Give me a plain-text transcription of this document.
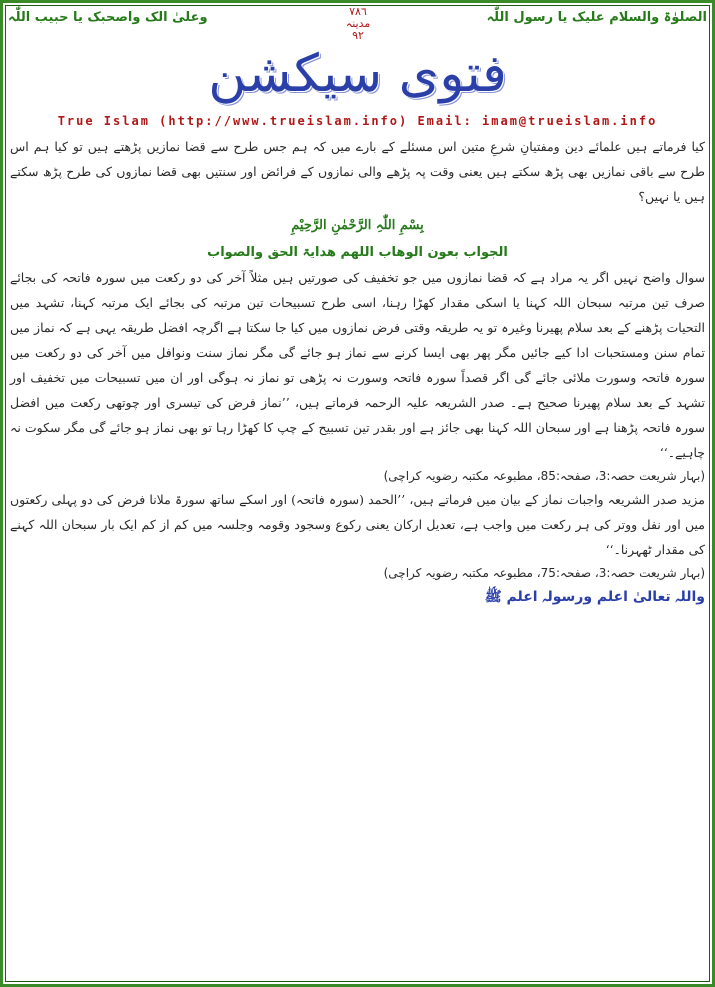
الصلوٰۃ والسلام علیک یا رسول اللّٰہ
۷۸٦
مدینہ
۹۲
وعلیٰ الک واصحبک یا حبیب اللّٰہ
فتوی سیکشن
True Islam (http://www.trueislam.info) Email: imam@trueislam.info

کیا فرماتے ہیں علمائے دین ومفتیانِ شرعِ متین اس مسئلے کے بارے میں کہ ہم جس طرح سے قضا نمازیں پڑھتے ہیں تو کیا ہم اس طرح سے باقی نمازیں بھی پڑھ سکتے ہیں یعنی وقت پہ پڑھے والی نمازوں کے فرائض اور سنتیں بھی قضا نمازوں کی طرح پڑھ سکتے ہیں یا نہیں؟

بِسْمِ اللّٰہِ الرَّحْمٰنِ الرَّحِیْمِ

الجواب بعون الوھاب اللھم ھدایۃ الحق والصواب

سوال واضح نہیں اگر یہ مراد ہے کہ قضا نمازوں میں جو تخفیف کی صورتیں ہیں مثلاً آخر کی دو رکعت میں سورہ فاتحہ کی بجائے صرف تین مرتبہ سبحان اللہ کہنا یا اسکی مقدار کھڑا رہنا، اسی طرح تسبیحات تین مرتبہ کی بجائے ایک مرتبہ کہنا، تشہد میں التحیات پڑھنے کے بعد سلام پھیرنا وغیرہ تو یہ طریقہ وقتی فرض نمازوں میں کیا جا سکتا ہے اگرچہ افضل طریقہ یہی ہے کہ نماز میں تمام سنن ومستحبات ادا کیے جائیں مگر پھر بھی ایسا کرنے سے نماز ہو جائے گی مگر نماز سنت ونوافل میں آخر کی دو رکعت میں سورہ فاتحہ وسورت ملائی جائے گی اگر قصداً سورہ فاتحہ وسورت نہ پڑھی تو نماز نہ ہوگی اور ان میں تسبیحات میں تخفیف اور تشہد کے بعد سلام پھیرنا صحیح ہے۔ صدر الشریعہ علیہ الرحمہ فرماتے ہیں، ’’نماز فرض کی تیسری اور چوتھی رکعت میں افضل سورہ فاتحہ پڑھنا ہے اور سبحان اللہ کہنا بھی جائز ہے اور بقدر تین تسبیح کے چپ کا کھڑا رہا تو بھی نماز ہو جائے گی مگر سکوت نہ چاہیے۔‘‘

(بہار شریعت حصہ:3، صفحہ:85، مطبوعہ مکتبہ رضویہ کراچی)

مزید صدر الشریعہ واجبات نماز کے بیان میں فرماتے ہیں، ’’الحمد (سورہ فاتحہ) اور اسکے ساتھ سورۃ ملانا فرض کی دو پہلی رکعتوں میں اور نفل ووتر کی ہر رکعت میں واجب ہے، تعدیل ارکان یعنی رکوع وسجود وقومہ وجلسہ میں کم از کم ایک بار سبحان اللہ کہنے کی مقدار ٹھہرنا۔‘‘

(بہار شریعت حصہ:3، صفحہ:75، مطبوعہ مکتبہ رضویہ کراچی)

واللہ تعالیٰ اعلم ورسولہ اعلم ﷺ
